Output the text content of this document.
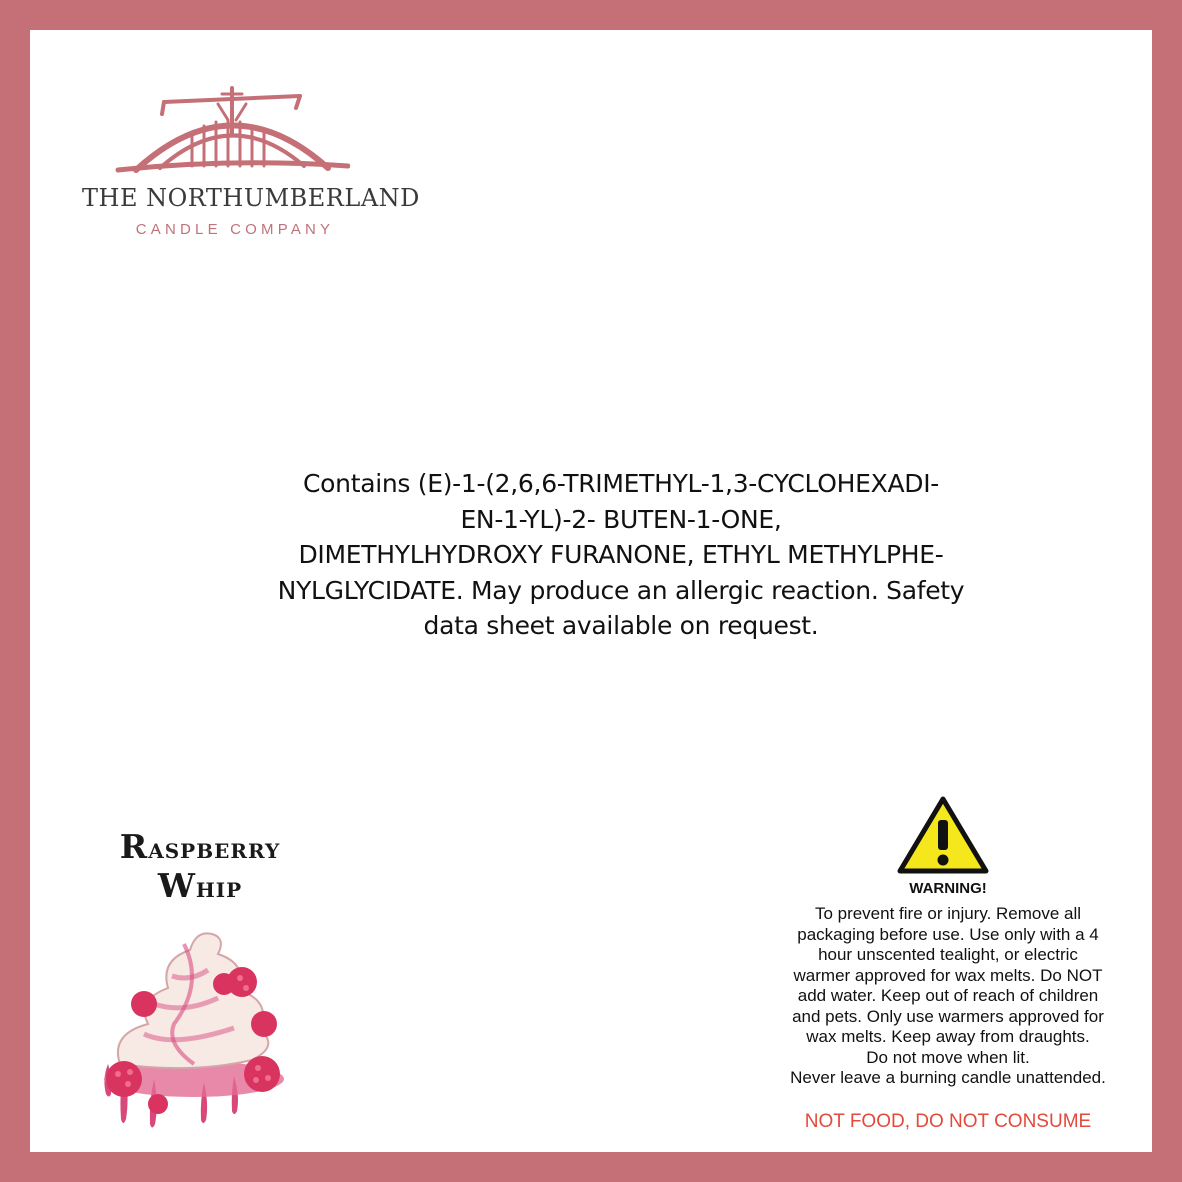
THE NORTHUMBERLAND
CANDLE COMPANY
Contains (E)-1-(2,6,6-TRIMETHYL-1,3-CYCLOHEXADI-
EN-1-YL)-2- BUTEN-1-ONE,
DIMETHYLHYDROXY FURANONE, ETHYL METHYLPHE-
NYLGLYCIDATE. May produce an allergic reaction. Safety
data sheet available on request.
Raspberry
Whip	WARNING!
To prevent fire or injury. Remove all
packaging before use. Use only with a 4
hour unscented tealight, or electric
warmer approved for wax melts. Do NOT
add water. Keep out of reach of children
and pets. Only use warmers approved for
wax melts. Keep away from draughts.
Do not move when lit.
Never leave a burning candle unattended.
NOT FOOD, DO NOT CONSUME
